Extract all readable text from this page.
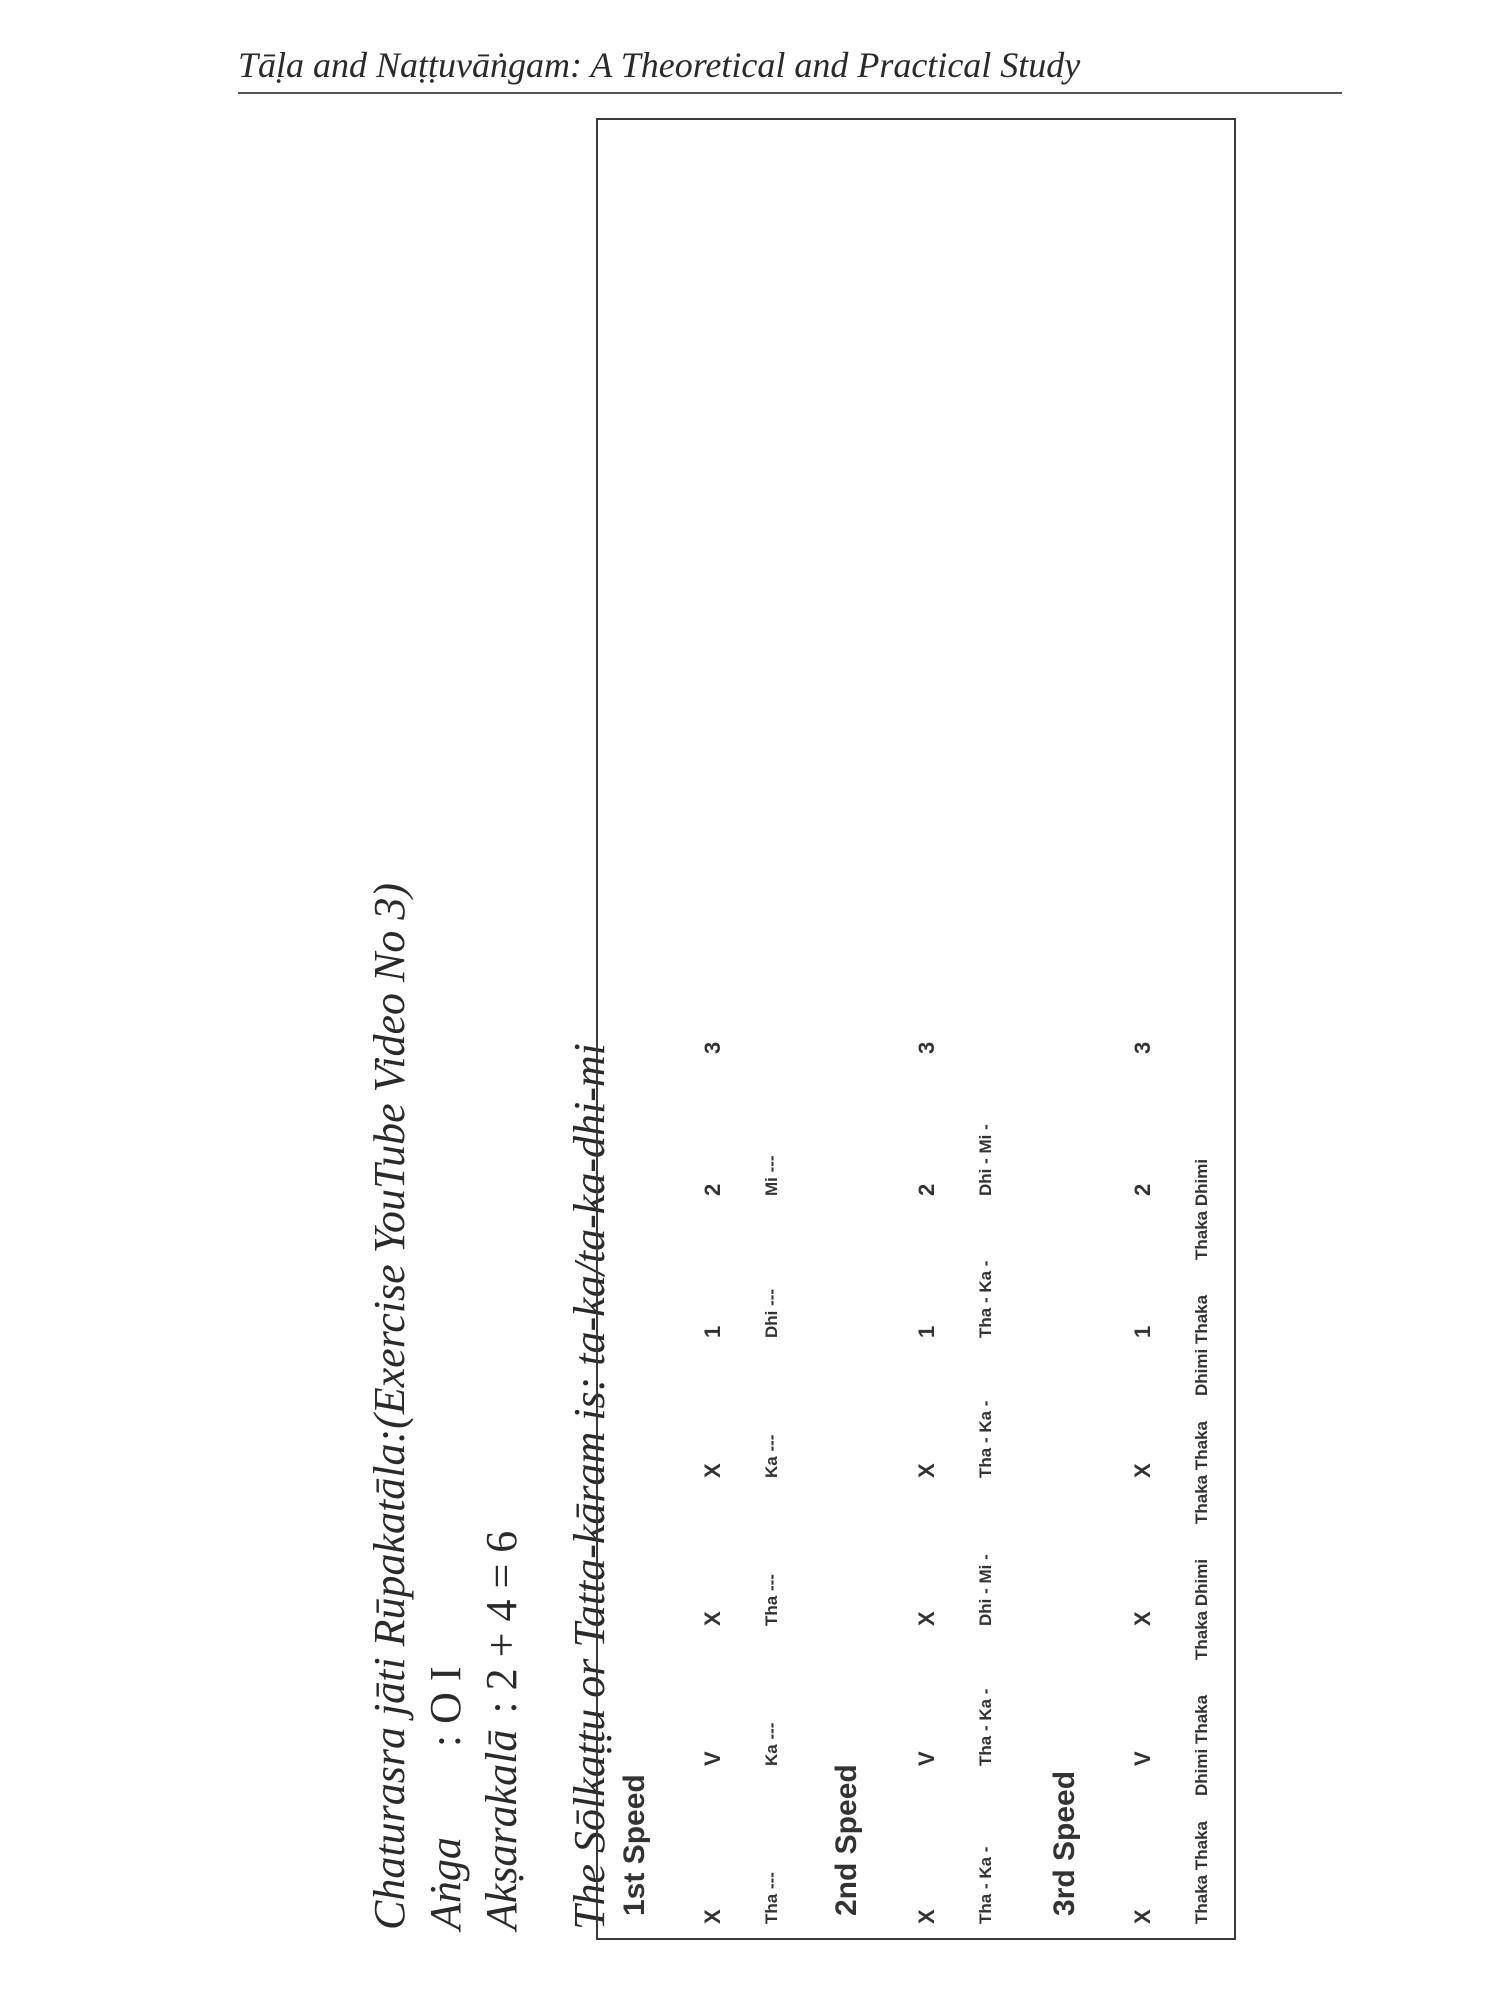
Tāḷa and Naṭṭuvāṅgam: A Theoretical and Practical Study
Chaturasra jāti Rūpakatāla:(Exercise YouTube Video No 3) Aṅga: O I
Akṣarakalā: 2 + 4 = 6 The Sōlkaṭṭu or Tatta-kāram is: ta-ka/ta-ka-dhi-mi
1st Speed	2nd Speed	3rd Speed
X
V
X
X
1
2
3
Tha ---
Ka ---
Tha ---
Ka ---
Dhi ---
Mi ---
X
V
X
X
1
2
3
Tha - Ka -
Tha - Ka -
Dhi - Mi -
Tha - Ka -
Tha - Ka -
Dhi - Mi -
X
V
X
X
1
2
3
Thaka Thaka
Dhimi Thaka
Thaka Dhimi
Thaka Thaka
Dhimi Thaka
Thaka Dhimi
